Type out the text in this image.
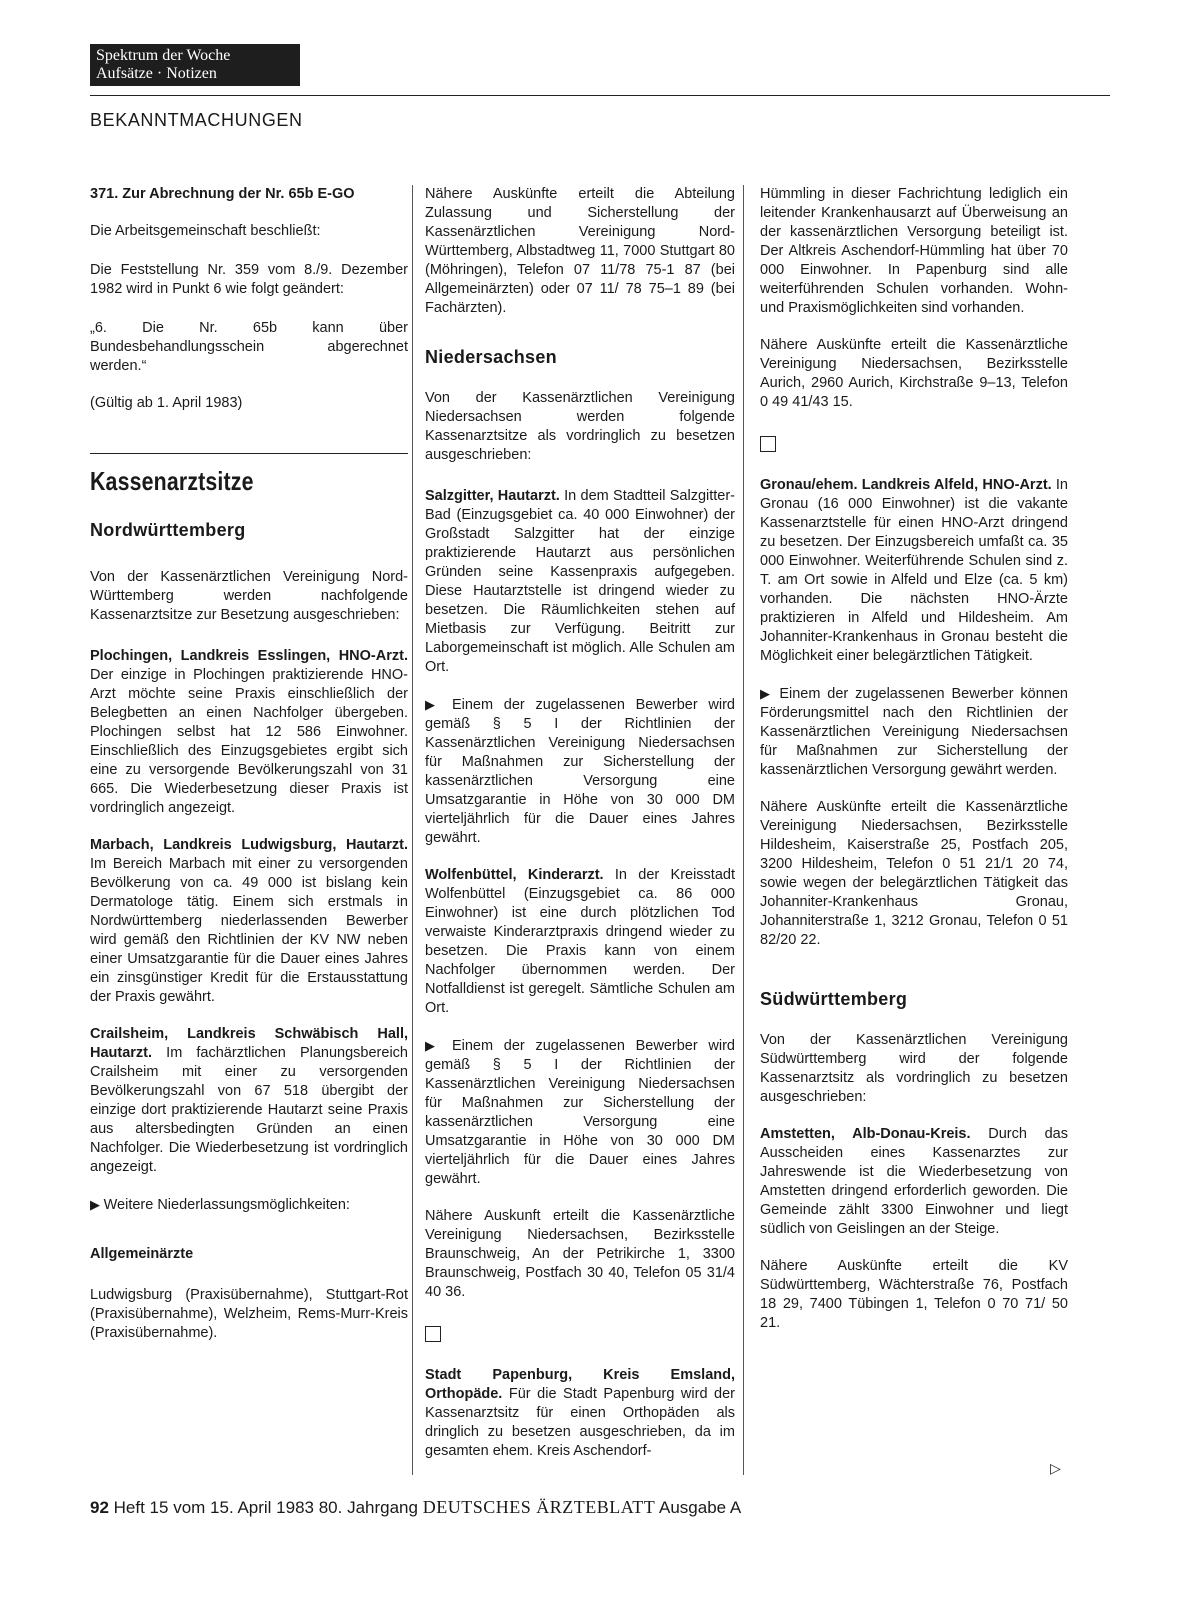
Spektrum der Woche
Aufsätze · Notizen
BEKANNTMACHUNGEN

371. Zur Abrechnung der Nr. 65b E-GO

Die Arbeitsgemeinschaft beschließt:

Die Feststellung Nr. 359 vom 8./9. Dezember 1982 wird in Punkt 6 wie folgt geändert:

„6. Die Nr. 65b kann über Bundesbehandlungsschein abgerechnet werden.“

(Gültig ab 1. April 1983)

Kassenarztsitze
Nordwürttemberg

Von der Kassenärztlichen Vereinigung Nord-Württemberg werden nachfolgende Kassenarztsitze zur Besetzung ausgeschrieben:

Plochingen, Landkreis Esslingen, HNO-Arzt. Der einzige in Plochingen praktizierende HNO-Arzt möchte seine Praxis einschließlich der Belegbetten an einen Nachfolger übergeben. Plochingen selbst hat 12 586 Einwohner. Einschließlich des Einzugsgebietes ergibt sich eine zu versorgende Bevölkerungszahl von 31 665. Die Wiederbesetzung dieser Praxis ist vordringlich angezeigt.

Marbach, Landkreis Ludwigsburg, Hautarzt. Im Bereich Marbach mit einer zu versorgenden Bevölkerung von ca. 49 000 ist bislang kein Dermatologe tätig. Einem sich erstmals in Nordwürttemberg niederlassenden Bewerber wird gemäß den Richtlinien der KV NW neben einer Umsatzgarantie für die Dauer eines Jahres ein zinsgünstiger Kredit für die Erstausstattung der Praxis gewährt.

Crailsheim, Landkreis Schwäbisch Hall, Hautarzt. Im fachärztlichen Planungsbereich Crailsheim mit einer zu versorgenden Bevölkerungszahl von 67 518 übergibt der einzige dort praktizierende Hautarzt seine Praxis aus altersbedingten Gründen an einen Nachfolger. Die Wiederbesetzung ist vordringlich angezeigt.

▶ Weitere Niederlassungsmöglichkeiten:

Allgemeinärzte

Ludwigsburg (Praxisübernahme), Stuttgart-Rot (Praxisübernahme), Welzheim, Rems-Murr-Kreis (Praxisübernahme).

Nähere Auskünfte erteilt die Abteilung Zulassung und Sicherstellung der Kassenärztlichen Vereinigung Nord-Württemberg, Albstadtweg 11, 7000 Stuttgart 80 (Möhringen), Telefon 07 11/78 75-1 87 (bei Allgemeinärzten) oder 07 11/ 78 75–1 89 (bei Fachärzten).

Niedersachsen

Von der Kassenärztlichen Vereinigung Niedersachsen werden folgende Kassenarztsitze als vordringlich zu besetzen ausgeschrieben:

Salzgitter, Hautarzt. In dem Stadtteil Salzgitter-Bad (Einzugsgebiet ca. 40 000 Einwohner) der Großstadt Salzgitter hat der einzige praktizierende Hautarzt aus persönlichen Gründen seine Kassenpraxis aufgegeben. Diese Hautarztstelle ist dringend wieder zu besetzen. Die Räumlichkeiten stehen auf Mietbasis zur Verfügung. Beitritt zur Laborgemeinschaft ist möglich. Alle Schulen am Ort.

▶ Einem der zugelassenen Bewerber wird gemäß § 5 I der Richtlinien der Kassenärztlichen Vereinigung Niedersachsen für Maßnahmen zur Sicherstellung der kassenärztlichen Versorgung eine Umsatzgarantie in Höhe von 30 000 DM vierteljährlich für die Dauer eines Jahres gewährt.

Wolfenbüttel, Kinderarzt. In der Kreisstadt Wolfenbüttel (Einzugsgebiet ca. 86 000 Einwohner) ist eine durch plötzlichen Tod verwaiste Kinderarztpraxis dringend wieder zu besetzen. Die Praxis kann von einem Nachfolger übernommen werden. Der Notfalldienst ist geregelt. Sämtliche Schulen am Ort.

▶ Einem der zugelassenen Bewerber wird gemäß § 5 I der Richtlinien der Kassenärztlichen Vereinigung Niedersachsen für Maßnahmen zur Sicherstellung der kassenärztlichen Versorgung eine Umsatzgarantie in Höhe von 30 000 DM vierteljährlich für die Dauer eines Jahres gewährt.

Nähere Auskunft erteilt die Kassenärztliche Vereinigung Niedersachsen, Bezirksstelle Braunschweig, An der Petrikirche 1, 3300 Braunschweig, Postfach 30 40, Telefon 05 31/4 40 36.

Stadt Papenburg, Kreis Emsland, Orthopäde. Für die Stadt Papenburg wird der Kassenarztsitz für einen Orthopäden als dringlich zu besetzen ausgeschrieben, da im gesamten ehem. Kreis Aschendorf-

Hümmling in dieser Fachrichtung lediglich ein leitender Krankenhausarzt auf Überweisung an der kassenärztlichen Versorgung beteiligt ist. Der Altkreis Aschendorf-Hümmling hat über 70 000 Einwohner. In Papenburg sind alle weiterführenden Schulen vorhanden. Wohn- und Praxismöglichkeiten sind vorhanden.

Nähere Auskünfte erteilt die Kassenärztliche Vereinigung Niedersachsen, Bezirksstelle Aurich, 2960 Aurich, Kirchstraße 9–13, Telefon 0 49 41/43 15.

Gronau/ehem. Landkreis Alfeld, HNO-Arzt. In Gronau (16 000 Einwohner) ist die vakante Kassenarztstelle für einen HNO-Arzt dringend zu besetzen. Der Einzugsbereich umfaßt ca. 35 000 Einwohner. Weiterführende Schulen sind z. T. am Ort sowie in Alfeld und Elze (ca. 5 km) vorhanden. Die nächsten HNO-Ärzte praktizieren in Alfeld und Hildesheim. Am Johanniter-Krankenhaus in Gronau besteht die Möglichkeit einer belegärztlichen Tätigkeit.

▶ Einem der zugelassenen Bewerber können Förderungsmittel nach den Richtlinien der Kassenärztlichen Vereinigung Niedersachsen für Maßnahmen zur Sicherstellung der kassenärztlichen Versorgung gewährt werden.

Nähere Auskünfte erteilt die Kassenärztliche Vereinigung Niedersachsen, Bezirksstelle Hildesheim, Kaiserstraße 25, Postfach 205, 3200 Hildesheim, Telefon 0 51 21/1 20 74, sowie wegen der belegärztlichen Tätigkeit das Johanniter-Krankenhaus Gronau, Johanniterstraße 1, 3212 Gronau, Telefon 0 51 82/20 22.

Südwürttemberg

Von der Kassenärztlichen Vereinigung Südwürttemberg wird der folgende Kassenarztsitz als vordringlich zu besetzen ausgeschrieben:

Amstetten, Alb-Donau-Kreis. Durch das Ausscheiden eines Kassenarztes zur Jahreswende ist die Wiederbesetzung von Amstetten dringend erforderlich geworden. Die Gemeinde zählt 3300 Einwohner und liegt südlich von Geislingen an der Steige.

Nähere Auskünfte erteilt die KV Südwürttemberg, Wächterstraße 76, Postfach 18 29, 7400 Tübingen 1, Telefon 0 70 71/ 50 21.

▷
92 Heft 15 vom 15. April 1983 80. Jahrgang DEUTSCHES ÄRZTEBLATT Ausgabe A
